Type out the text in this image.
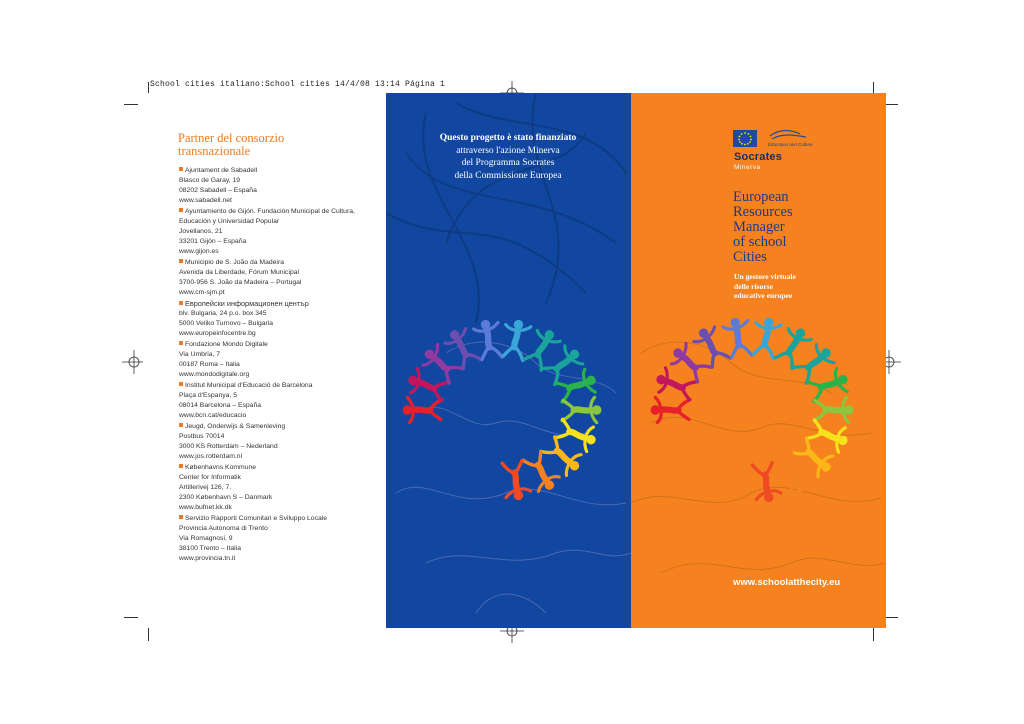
School cities italiano:School cities 14/4/08 13:14 Página 1
Partner del consorzio
transnazionale
Ajuntament de Sabadell
Blasco de Garay, 19
08202 Sabadell – España
www.sabadell.net
Ayuntamiento de Gijón. Fundación Municipal de Cultura,
Educación y Universidad Popular
Jovellanos, 21
33201 Gijón – España
www.gijon.es
Municipio de S. João da Madeira
Avenida da Liberdade, Fórum Municipal
3700-956 S. João da Madeira – Portugal
www.cm-sjm.pt
Европейски информационен център
blv. Bulgaria, 24 p.o. box 345
5000 Veliko Turnovo – Bulgaria
www.europeinfocentre.bg
Fondazione Mondo Digitale
Via Umbria, 7
00187 Roma – Italia
www.mondodigitale.org
Institut Municipal d'Educació de Barcelona
Plaça d'Espanya, 5
08014 Barcelona – España
www.bcn.cat/educacio
Jeugd, Onderwijs & Samenleving
Postbus 70014
3000 KS Rotterdam – Nederland
www.jos.rotterdam.nl
Københavns Kommune
Center for Informatik
Artillerivej 126, 7.
2300 København S – Danmark
www.bufnet.kk.dk
Servizio Rapporti Comunitari e Sviluppo Locale
Provincia Autonoma di Trento
Via Romagnosi, 9
38100 Trento – Italia
www.provincia.tn.it
Questo progetto è stato finanziato
attraverso l'azione Minerva
del Programma Socrates
della Commissione Europea
Education and Culture
Socrates
Minerva
European
Resources
Manager
of school
Cities
Un gestore virtuale
delle risorse
educative europee
www.schoolatthecity.eu
